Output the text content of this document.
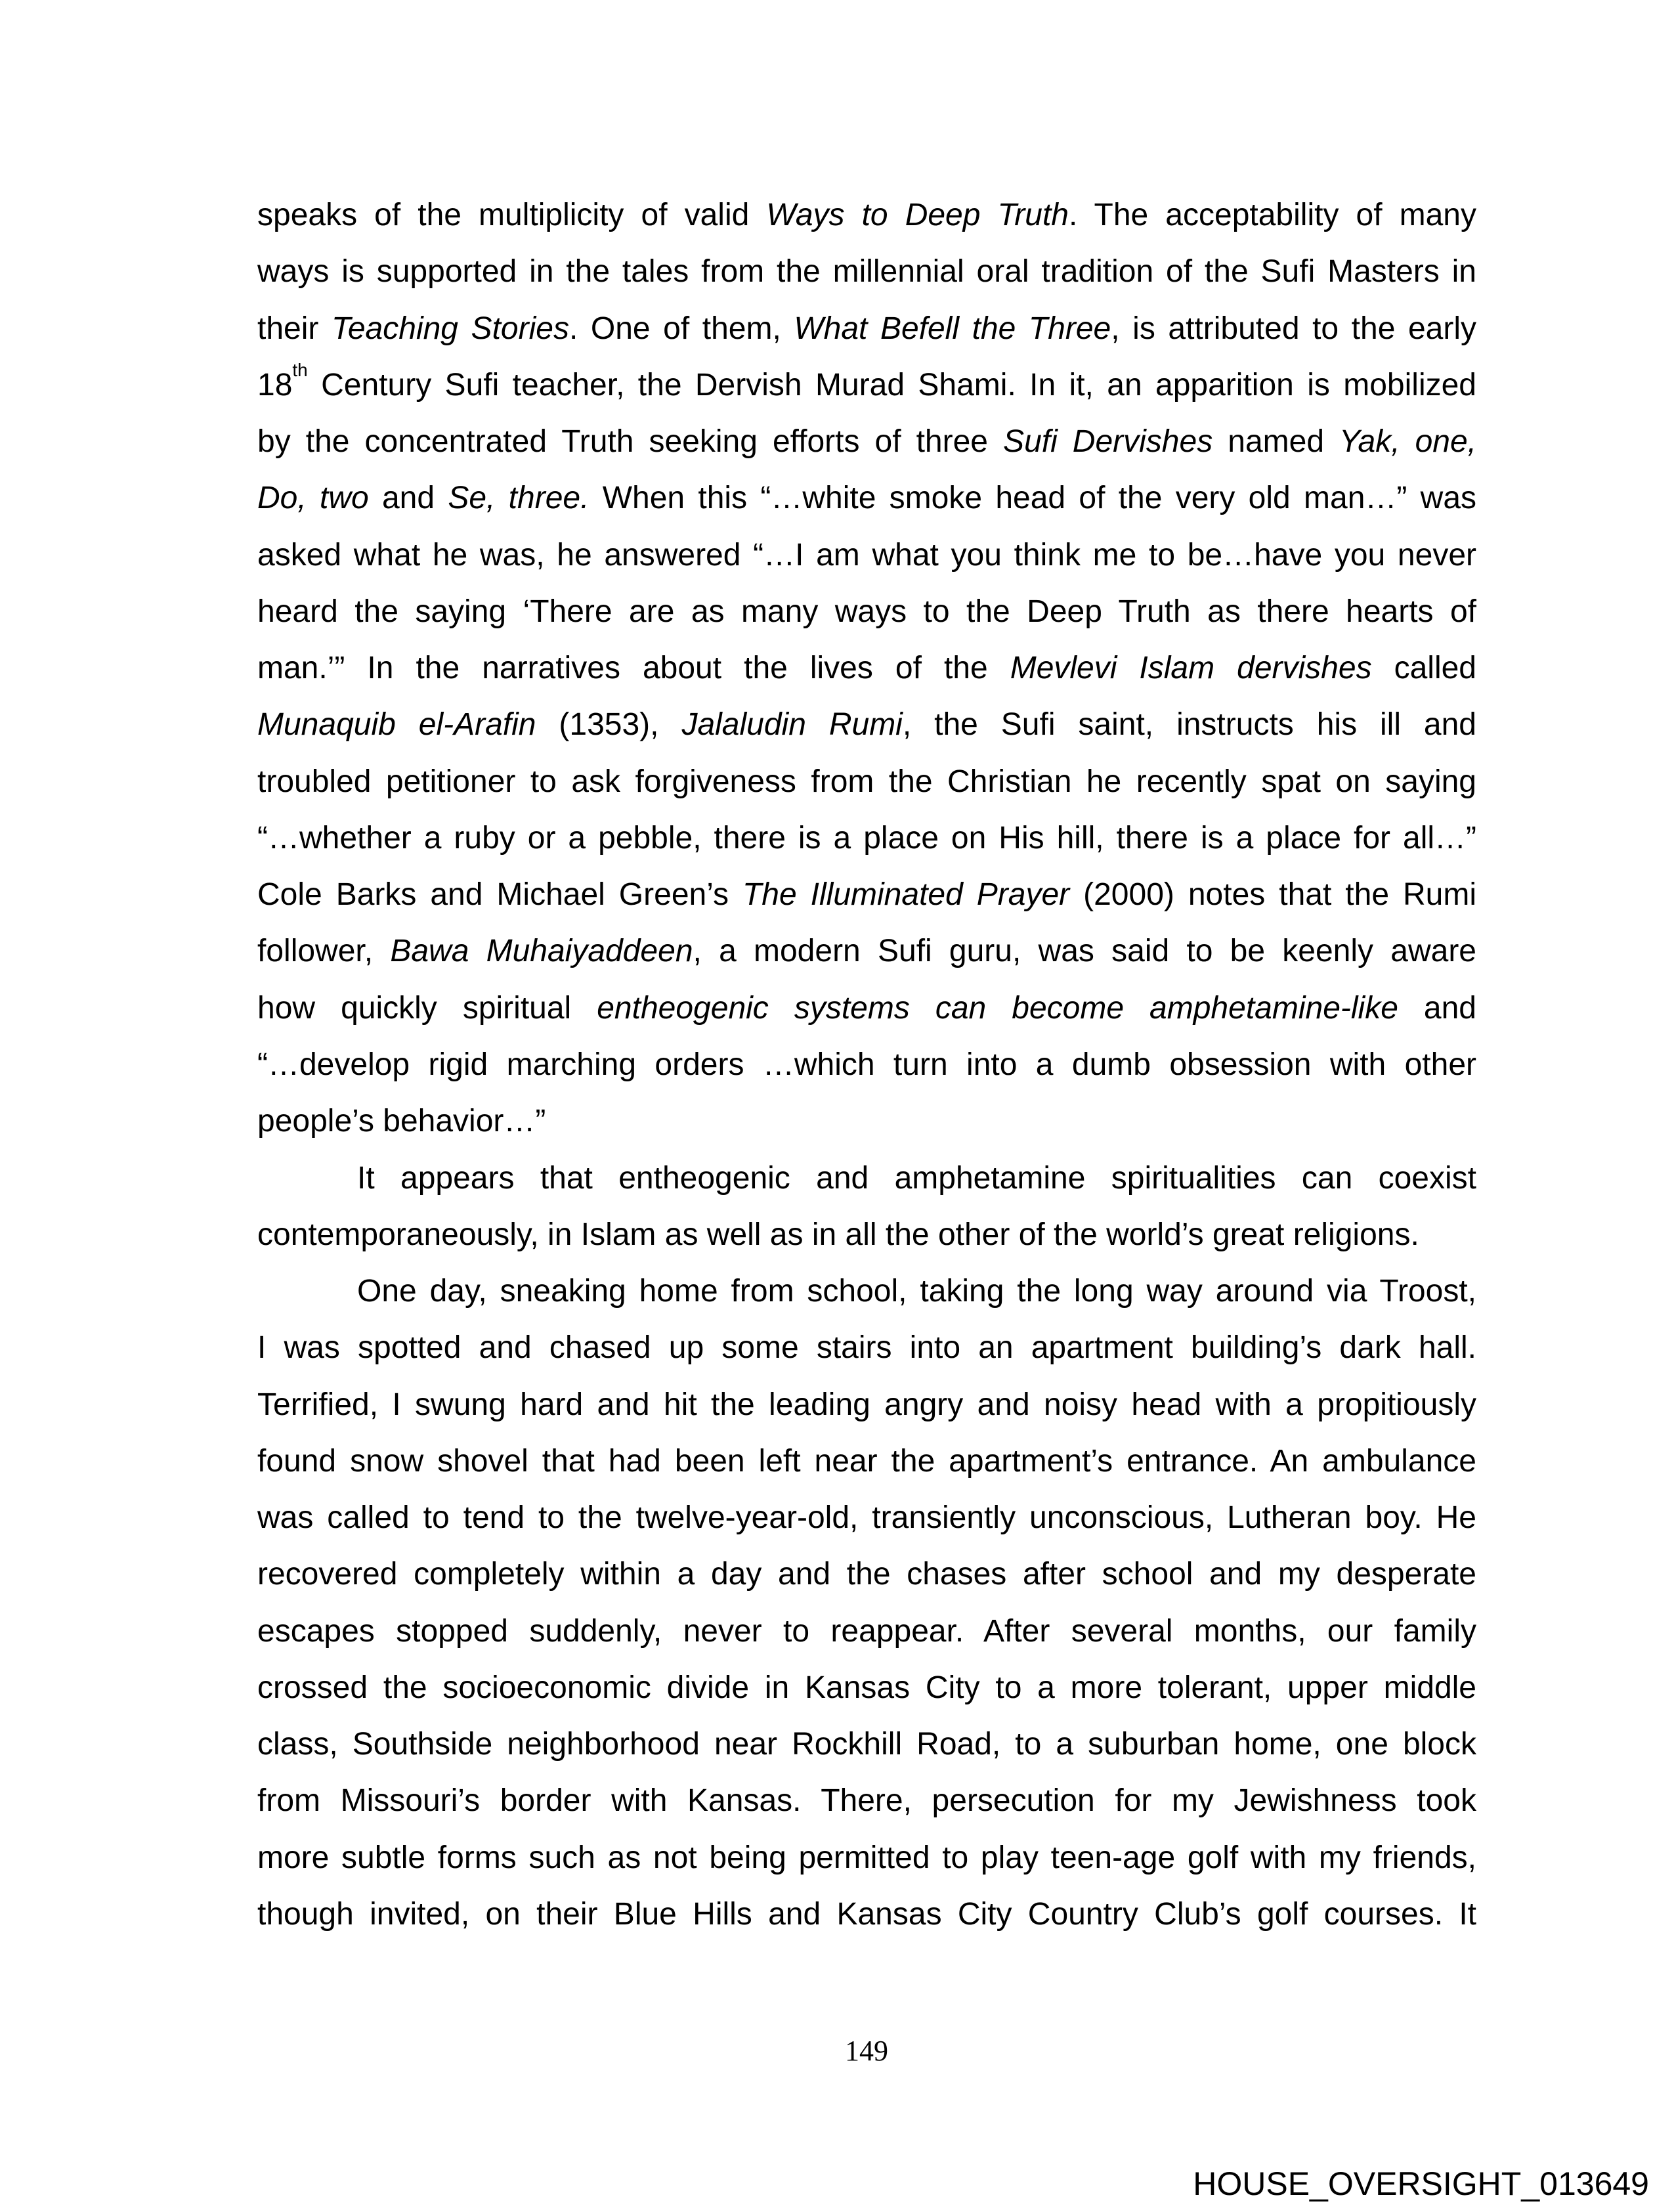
speaks of the multiplicity of valid Ways to Deep Truth. The acceptability of many
ways is supported in the tales from the millennial oral tradition of the Sufi Masters in
their Teaching Stories. One of them, What Befell the Three, is attributed to the early
18th Century Sufi teacher, the Dervish Murad Shami. In it, an apparition is mobilized
by the concentrated Truth seeking efforts of three Sufi Dervishes named Yak, one,
Do, two and Se, three. When this “…white smoke head of the very old man…” was
asked what he was, he answered “…I am what you think me to be…have you never
heard the saying ‘There are as many ways to the Deep Truth as there hearts of
man.’” In the narratives about the lives of the Mevlevi Islam dervishes called
Munaquib el-Arafin (1353), Jalaludin Rumi, the Sufi saint, instructs his ill and
troubled petitioner to ask forgiveness from the Christian he recently spat on saying
“…whether a ruby or a pebble, there is a place on His hill, there is a place for all…”
Cole Barks and Michael Green’s The Illuminated Prayer (2000) notes that the Rumi
follower, Bawa Muhaiyaddeen, a modern Sufi guru, was said to be keenly aware
how quickly spiritual entheogenic systems can become amphetamine-like and
“…develop rigid marching orders …which turn into a dumb obsession with other
people’s behavior…”
It appears that entheogenic and amphetamine spiritualities can coexist
contemporaneously, in Islam as well as in all the other of the world’s great religions.
One day, sneaking home from school, taking the long way around via Troost,
I was spotted and chased up some stairs into an apartment building’s dark hall.
Terrified, I swung hard and hit the leading angry and noisy head with a propitiously
found snow shovel that had been left near the apartment’s entrance. An ambulance
was called to tend to the twelve-year-old, transiently unconscious, Lutheran boy. He
recovered completely within a day and the chases after school and my desperate
escapes stopped suddenly, never to reappear. After several months, our family
crossed the socioeconomic divide in Kansas City to a more tolerant, upper middle
class, Southside neighborhood near Rockhill Road, to a suburban home, one block
from Missouri’s border with Kansas. There, persecution for my Jewishness took
more subtle forms such as not being permitted to play teen-age golf with my friends,
though invited, on their Blue Hills and Kansas City Country Club’s golf courses. It
149
HOUSE_OVERSIGHT_013649
